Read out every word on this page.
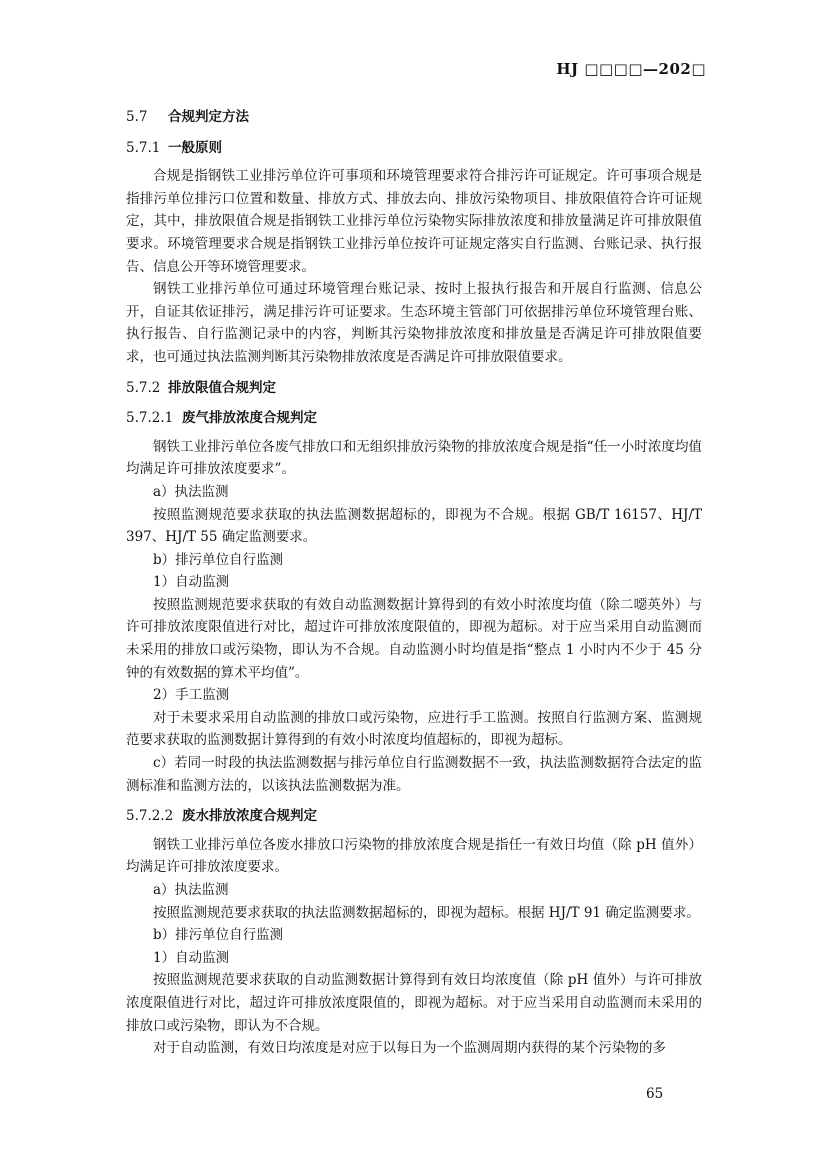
HJ □□□□—202□
5.7 合规判定方法
5.7.1 一般原则
合规是指钢铁工业排污单位许可事项和环境管理要求符合排污许可证规定。许可事项合规是指排污单位排污口位置和数量、排放方式、排放去向、排放污染物项目、排放限值符合许可证规定，其中，排放限值合规是指钢铁工业排污单位污染物实际排放浓度和排放量满足许可排放限值要求。环境管理要求合规是指钢铁工业排污单位按许可证规定落实自行监测、台账记录、执行报告、信息公开等环境管理要求。
钢铁工业排污单位可通过环境管理台账记录、按时上报执行报告和开展自行监测、信息公开，自证其依证排污，满足排污许可证要求。生态环境主管部门可依据排污单位环境管理台账、执行报告、自行监测记录中的内容，判断其污染物排放浓度和排放量是否满足许可排放限值要求，也可通过执法监测判断其污染物排放浓度是否满足许可排放限值要求。
5.7.2 排放限值合规判定
5.7.2.1 废气排放浓度合规判定
钢铁工业排污单位各废气排放口和无组织排放污染物的排放浓度合规是指“任一小时浓度均值均满足许可排放浓度要求”。
a）执法监测
按照监测规范要求获取的执法监测数据超标的，即视为不合规。根据 GB/T 16157、HJ/T 397、HJ/T 55 确定监测要求。
b）排污单位自行监测
1）自动监测
按照监测规范要求获取的有效自动监测数据计算得到的有效小时浓度均值（除二噁英外）与许可排放浓度限值进行对比，超过许可排放浓度限值的，即视为超标。对于应当采用自动监测而未采用的排放口或污染物，即认为不合规。自动监测小时均值是指“整点 1 小时内不少于 45 分钟的有效数据的算术平均值”。
2）手工监测
对于未要求采用自动监测的排放口或污染物，应进行手工监测。按照自行监测方案、监测规范要求获取的监测数据计算得到的有效小时浓度均值超标的，即视为超标。
c）若同一时段的执法监测数据与排污单位自行监测数据不一致，执法监测数据符合法定的监测标准和监测方法的，以该执法监测数据为准。
5.7.2.2 废水排放浓度合规判定
钢铁工业排污单位各废水排放口污染物的排放浓度合规是指任一有效日均值（除 pH 值外）均满足许可排放浓度要求。
a）执法监测
按照监测规范要求获取的执法监测数据超标的，即视为超标。根据 HJ/T 91 确定监测要求。
b）排污单位自行监测
1）自动监测
按照监测规范要求获取的自动监测数据计算得到有效日均浓度值（除 pH 值外）与许可排放浓度限值进行对比，超过许可排放浓度限值的，即视为超标。对于应当采用自动监测而未采用的排放口或污染物，即认为不合规。
对于自动监测，有效日均浓度是对应于以每日为一个监测周期内获得的某个污染物的多
65
